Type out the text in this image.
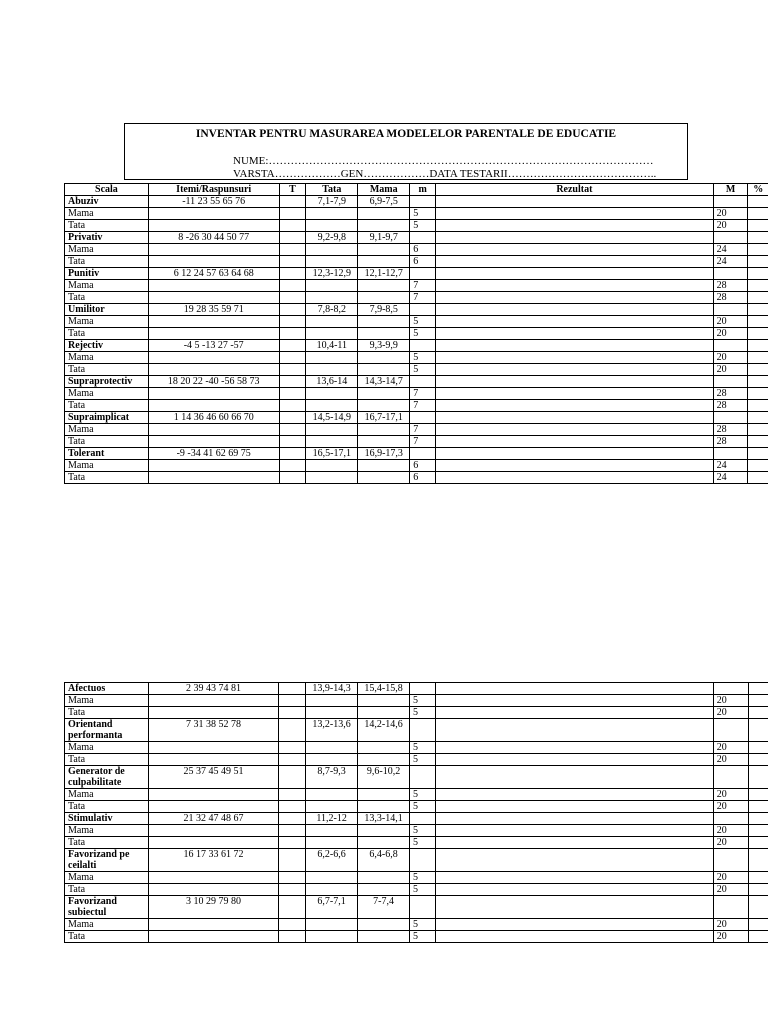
INVENTAR PENTRU MASURAREA MODELELOR PARENTALE DE EDUCATIE
NUME:……………………………………………………………………………………………
VARSTA………………GEN………………DATA TESTARII…………………………………..
Scala	Itemi/Raspunsuri	T	Tata	Mama	m	Rezultat	M	%
Abuziv	-11 23 55 65 76		7,1-7,9	6,9-7,5				
Mama					5		20	
Tata					5		20	
Privativ	8 -26 30 44 50 77		9,2-9,8	9,1-9,7				
Mama					6		24	
Tata					6		24	
Punitiv	6 12 24 57 63 64 68		12,3-12,9	12,1-12,7				
Mama					7		28	
Tata					7		28	
Umilitor	19 28 35 59 71		7,8-8,2	7,9-8,5				
Mama					5		20	
Tata					5		20	
Rejectiv	-4 5 -13 27 -57		10,4-11	9,3-9,9				
Mama					5		20	
Tata					5		20	
Supraprotectiv	18 20 22 -40 -56 58 73		13,6-14	14,3-14,7				
Mama					7		28	
Tata					7		28	
Supraimplicat	1 14 36 46 60 66 70		14,5-14,9	16,7-17,1				
Mama					7		28	
Tata					7		28	
Tolerant	-9 -34 41 62 69 75		16,5-17,1	16,9-17,3				
Mama					6		24	
Tata					6		24	
Afectuos	2 39 43 74 81		13,9-14,3	15,4-15,8				
Mama					5		20	
Tata					5		20	
Orientand performanta	7 31 38 52 78		13,2-13,6	14,2-14,6				
Mama					5		20	
Tata					5		20	
Generator de culpabilitate	25 37 45 49 51		8,7-9,3	9,6-10,2				
Mama					5		20	
Tata					5		20	
Stimulativ	21 32 47 48 67		11,2-12	13,3-14,1				
Mama					5		20	
Tata					5		20	
Favorizand pe ceilalti	16 17 33 61 72		6,2-6,6	6,4-6,8				
Mama					5		20	
Tata					5		20	
Favorizand subiectul	3 10 29 79 80		6,7-7,1	7-7,4				
Mama					5		20	
Tata					5		20	
